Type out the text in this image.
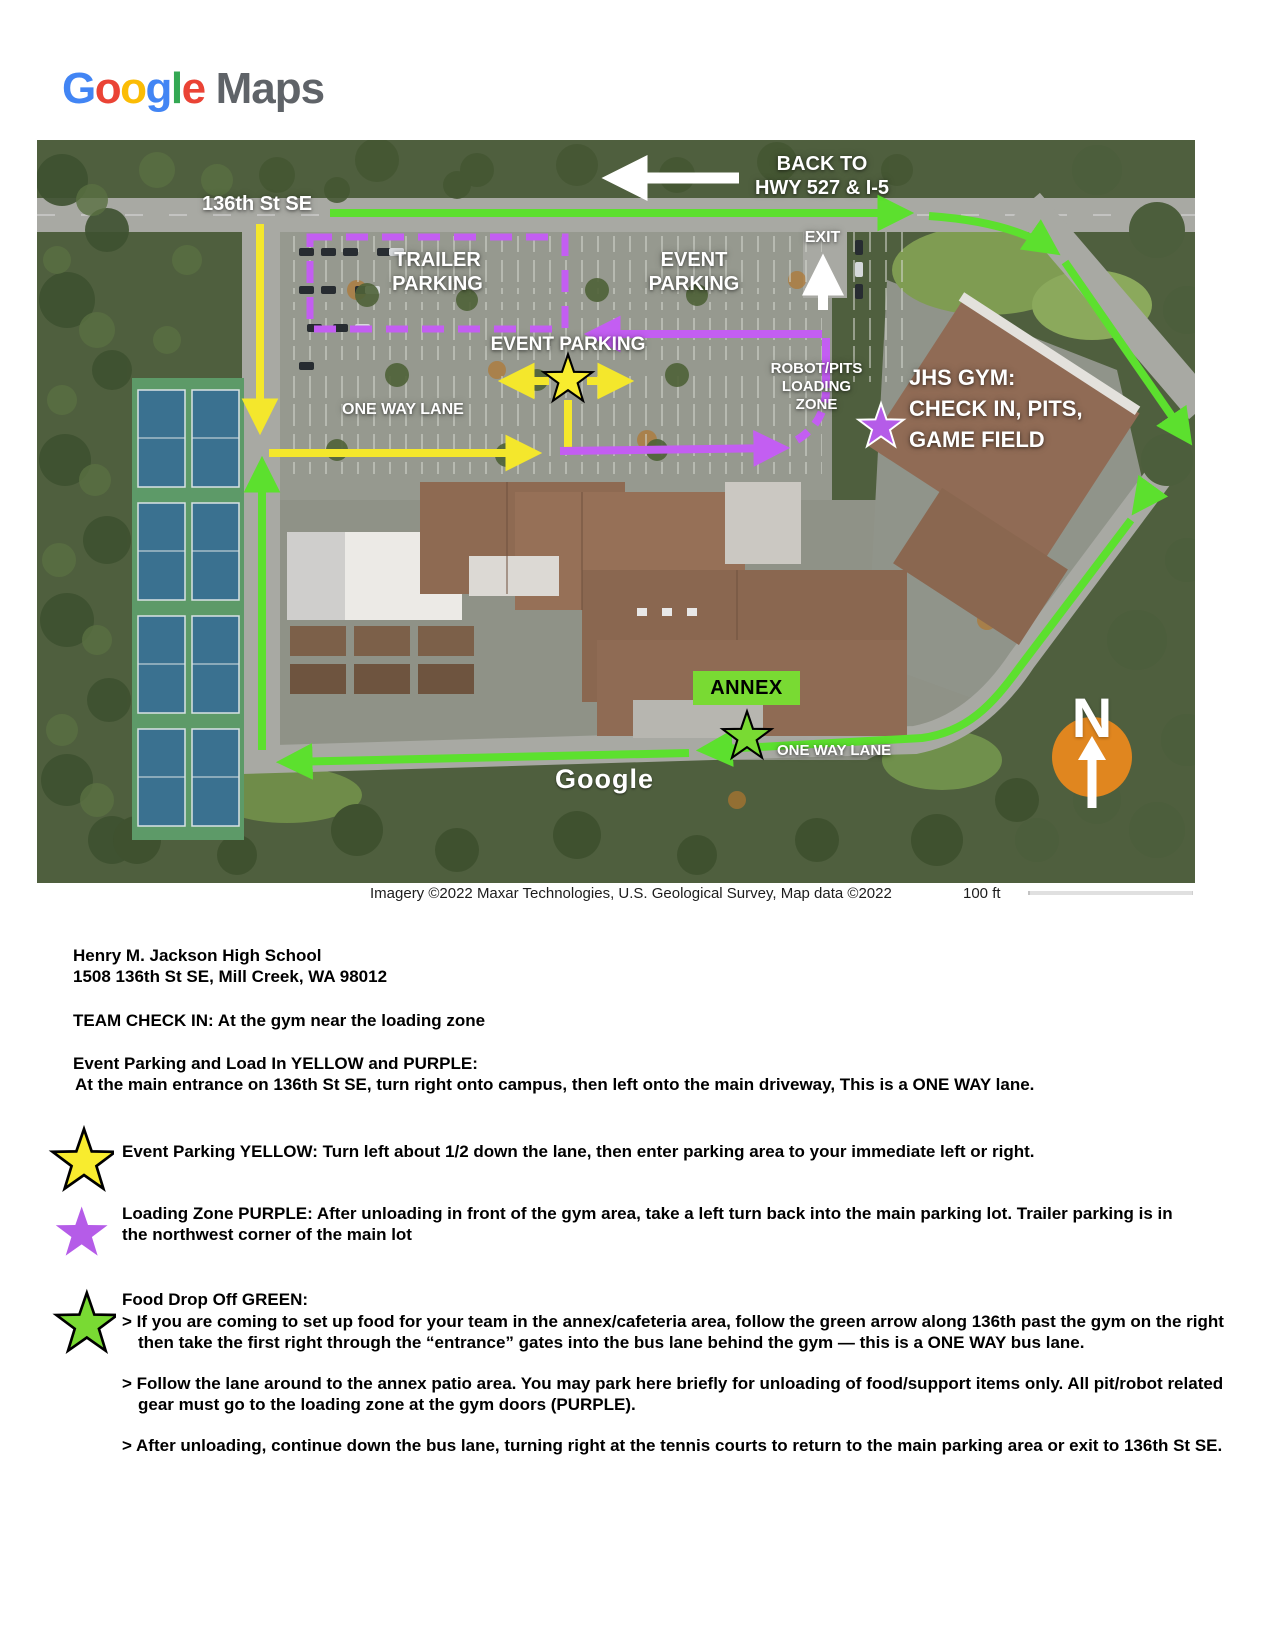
Google Maps
BACK TO
HWY 527 & I-5
136th St SE
EXIT
TRAILER
PARKING
EVENT
PARKING
EVENT PARKING
ONE WAY LANE
ROBOT/PITS
LOADING
ZONE
JHS GYM:
CHECK IN, PITS,
GAME FIELD
ANNEX
ONE WAY LANE
Google
N
Imagery ©2022 Maxar Technologies, U.S. Geological Survey, Map data ©2022	100 ft
Henry M. Jackson High School
1508 136th St SE, Mill Creek, WA 98012
TEAM CHECK IN: At the gym near the loading zone
Event Parking and Load In YELLOW and PURPLE:
At the main entrance on 136th St SE, turn right onto campus, then left onto the main driveway, This is a ONE WAY lane.
Event Parking YELLOW: Turn left about 1/2 down the lane, then enter parking area to your immediate left or right.
Loading Zone PURPLE: After unloading in front of the gym area, take a left turn back into the main parking lot. Trailer parking is in the northwest corner of the main lot
Food Drop Off GREEN:
> If you are coming to set up food for your team in the annex/cafeteria area, follow the green arrow along 136th past the gym on the right then take the first right through the “entrance” gates into the bus lane behind the gym — this is a ONE WAY bus lane.
> Follow the lane around to the annex patio area. You may park here briefly for unloading of food/support items only. All pit/robot related gear must go to the loading zone at the gym doors (PURPLE).
> After unloading, continue down the bus lane, turning right at the tennis courts to return to the main parking area or exit to 136th St SE.
